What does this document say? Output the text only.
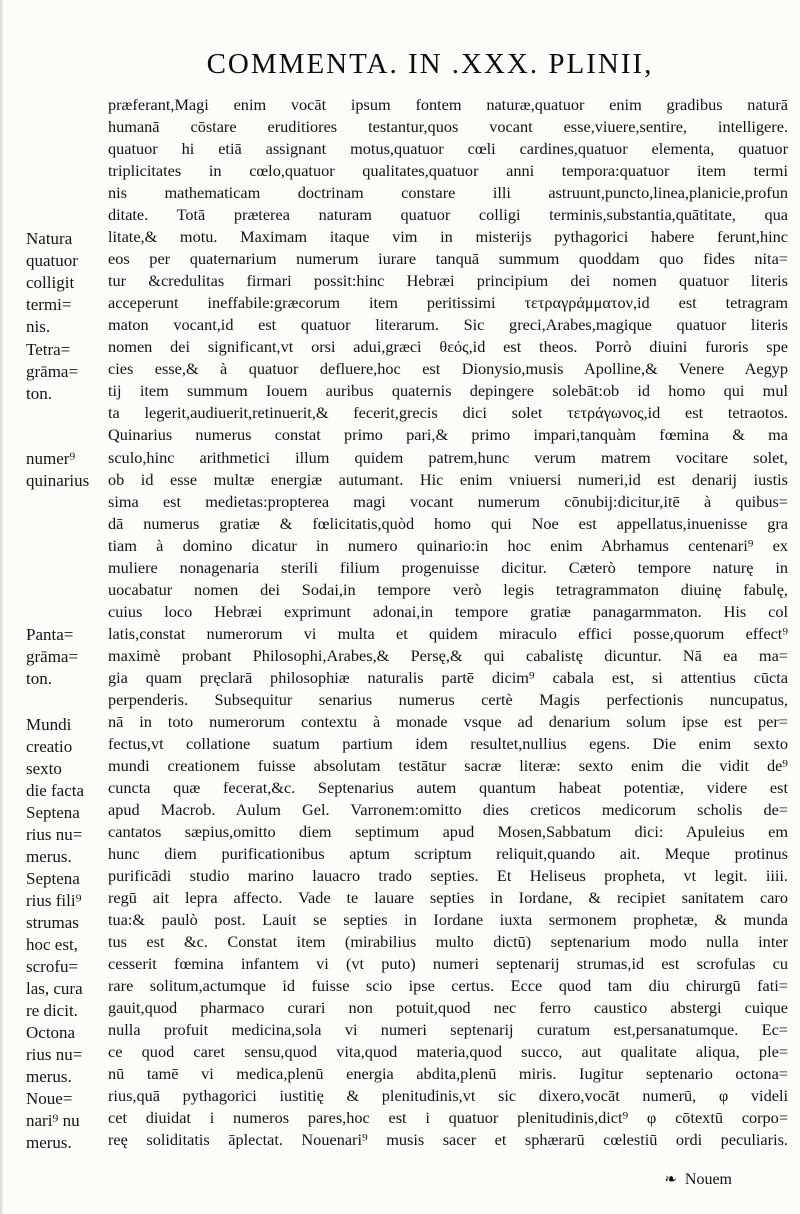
COMMENTA. IN .XXX. PLINII,
præferant,Magi enim vocāt ipsum fontem naturæ,quatuor enim gradibus naturā
humanā cōstare eruditiores testantur,quos vocant esse,viuere,sentire, intelligere.
quatuor hi etiā assignant motus,quatuor cœli cardines,quatuor elementa, quatuor
triplicitates in cœlo,quatuor qualitates,quatuor anni tempora:quatuor item termi
nis mathematicam doctrinam constare illi astruunt,puncto,linea,planicie,profun
ditate. Totā præterea naturam quatuor colligi terminis,substantia,quātitate, qua
litate,& motu. Maximam itaque vim in misterijs pythagorici habere ferunt,hinc
eos per quaternarium numerum iurare tanquā summum quoddam quo fides nita=
tur &credulitas firmari possit:hinc Hebræi principium dei nomen quatuor literis
acceperunt ineffabile:græcorum item peritissimi τετραγράμματον,id est tetragram
maton vocant,id est quatuor literarum. Sic greci,Arabes,magique quatuor literis
nomen dei significant,vt orsi adui,græci θεός,id est theos. Porrò diuini furoris spe
cies esse,& à quatuor defluere,hoc est Dionysio,musis Apolline,& Venere Aegyp
tij item summum Iouem auribus quaternis depingere solebāt:ob id homo qui mul
ta legerit,audiuerit,retinuerit,& fecerit,grecis dici solet τετράγωνος,id est tetraotos.
Quinarius numerus constat primo pari,& primo impari,tanquàm fœmina & ma
sculo,hinc arithmetici illum quidem patrem,hunc verum matrem vocitare solet,
ob id esse multæ energiæ autumant. Hic enim vniuersi numeri,id est denarij iustis
sima est medietas:propterea magi vocant numerum cōnubij:dicitur,itē à quibus=
dā numerus gratiæ & fœlicitatis,quòd homo qui Noe est appellatus,inuenisse gra
tiam à domino dicatur in numero quinario:in hoc enim Abrhamus centenari⁹ ex
muliere nonagenaria sterili filium progenuisse dicitur. Cæterò tempore naturę in
uocabatur nomen dei Sodai,in tempore verò legis tetragrammaton diuinę fabulę,
cuius loco Hebræi exprimunt adonai,in tempore gratiæ panagarmmaton. His col
latis,constat numerorum vi multa et quidem miraculo effici posse,quorum effect⁹
maximè probant Philosophi,Arabes,& Persę,& qui cabalistę dicuntur. Nā ea ma=
gia quam pręclarā philosophiæ naturalis partē dicim⁹ cabala est, si attentius cūcta
perpenderis. Subsequitur senarius numerus certè Magis perfectionis nuncupatus,
nā in toto numerorum contextu à monade vsque ad denarium solum ipse est per=
fectus,vt collatione suatum partium idem resultet,nullius egens. Die enim sexto
mundi creationem fuisse absolutam testātur sacræ literæ: sexto enim die vidit de⁹
cuncta quæ fecerat,&c. Septenarius autem quantum habeat potentiæ, videre est
apud Macrob. Aulum Gel. Varronem:omitto dies creticos medicorum scholis de=
cantatos sæpius,omitto diem septimum apud Mosen,Sabbatum dici: Apuleius em
hunc diem purificationibus aptum scriptum reliquit,quando ait. Meque protinus
purificādi studio marino lauacro trado septies. Et Heliseus propheta, vt legit. iiii.
regū ait lepra affecto. Vade te lauare septies in Iordane, & recipiet sanitatem caro
tua:& paulò post. Lauit se septies in Iordane iuxta sermonem prophetæ, & munda
tus est &c. Constat item (mirabilius multo dictū) septenarium modo nulla inter
cesserit fœmina infantem vi (vt puto) numeri septenarij strumas,id est scrofulas cu
rare solitum,actumque id fuisse scio ipse certus. Ecce quod tam diu chirurgū fati=
gauit,quod pharmaco curari non potuit,quod nec ferro caustico abstergi cuique
nulla profuit medicina,sola vi numeri septenarij curatum est,persanatumque. Ec=
ce quod caret sensu,quod vita,quod materia,quod succo, aut qualitate aliqua, ple=
nū tamē vi medica,plenū energia abdita,plenū miris. Iugitur septenario octona=
rius,quā pythagorici iustitię & plenitudinis,vt sic dixero,vocāt numerū, φ videli
cet diuidat i numeros pares,hoc est i quatuor plenitudinis,dict⁹ φ cōtextū corpo=
reę soliditatis āplectat. Nouenari⁹ musis sacer et sphærarū cœlestiū ordi peculiaris.
Natura
quatuor
colligit
termi=
nis.
Tetra=
grāma=
ton.
numer⁹
quinarius
Panta=
grāma=
ton.
Mundi
creatio
sexto
die facta
Septena
rius nu=
merus.
Septena
rius fili⁹
strumas
hoc est,
scrofu=
las, cura
re dicit.
Octona
rius nu=
merus.
Noue=
nari⁹ nu
merus.
❧ Nouem
